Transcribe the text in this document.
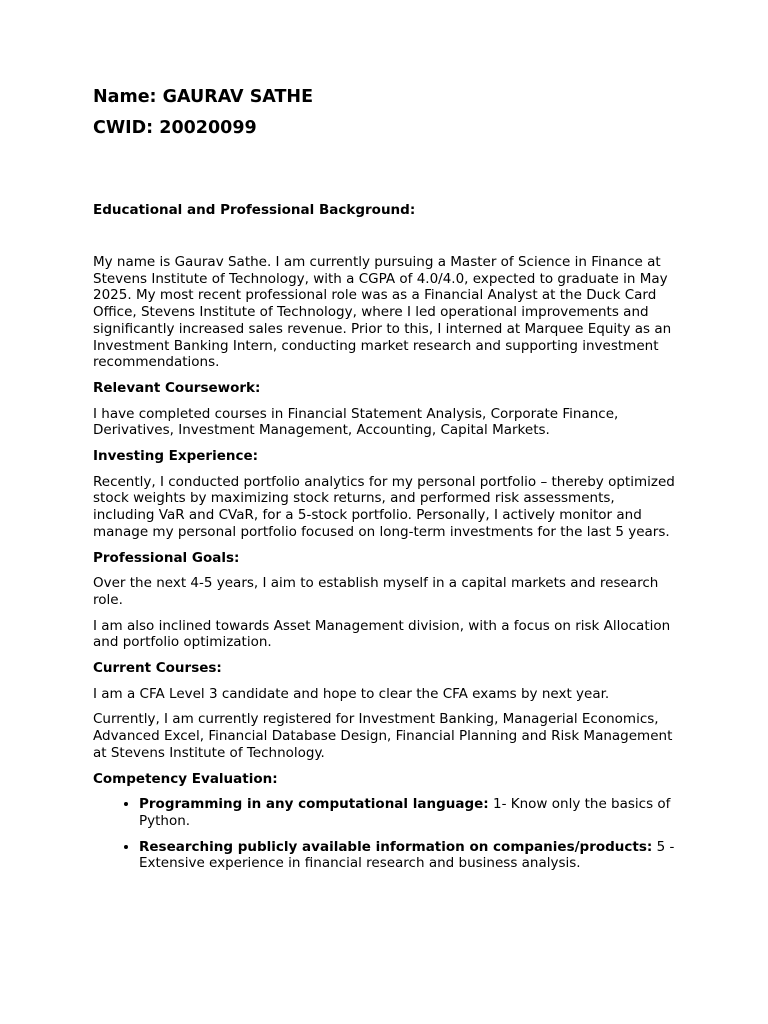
Name: GAURAV SATHE
CWID: 20020099
Educational and Professional Background:

My name is Gaurav Sathe. I am currently pursuing a Master of Science in Finance at Stevens Institute of Technology, with a CGPA of 4.0/4.0, expected to graduate in May 2025. My most recent professional role was as a Financial Analyst at the Duck Card Office, Stevens Institute of Technology, where I led operational improvements and significantly increased sales revenue. Prior to this, I interned at Marquee Equity as an Investment Banking Intern, conducting market research and supporting investment recommendations.

Relevant Coursework:

I have completed courses in Financial Statement Analysis, Corporate Finance, Derivatives, Investment Management, Accounting, Capital Markets.

Investing Experience:

Recently, I conducted portfolio analytics for my personal portfolio – thereby optimized stock weights by maximizing stock returns, and performed risk assessments, including VaR and CVaR, for a 5-stock portfolio. Personally, I actively monitor and manage my personal portfolio focused on long-term investments for the last 5 years.

Professional Goals:

Over the next 4-5 years, I aim to establish myself in a capital markets and research role.

I am also inclined towards Asset Management division, with a focus on risk Allocation and portfolio optimization.

Current Courses:

I am a CFA Level 3 candidate and hope to clear the CFA exams by next year.

Currently, I am currently registered for Investment Banking, Managerial Economics, Advanced Excel, Financial Database Design, Financial Planning and Risk Management at Stevens Institute of Technology.

Competency Evaluation:
• Programming in any computational language: 1- Know only the basics of Python.
• Researching publicly available information on companies/products: 5 - Extensive experience in financial research and business analysis.
